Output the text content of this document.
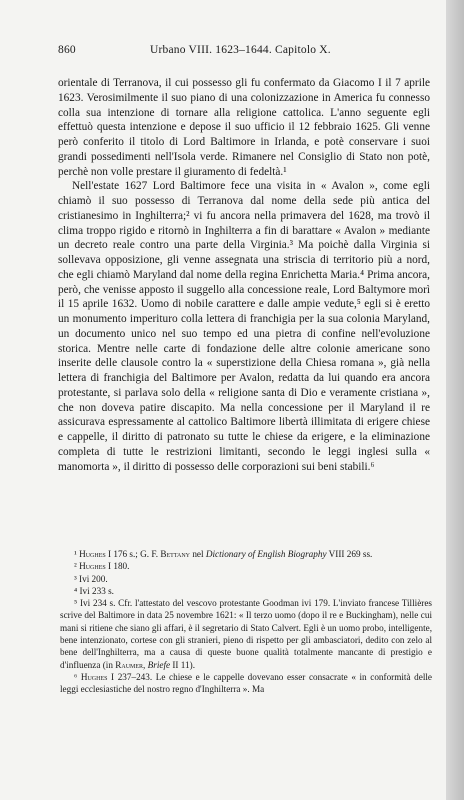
860	Urbano VIII. 1623–1644. Capitolo X.

orientale di Terranova, il cui possesso gli fu confermato da Giacomo I il 7 aprile 1623. Verosimilmente il suo piano di una colonizzazione in America fu connesso colla sua intenzione di tornare alla religione cattolica. L'anno seguente egli effettuò questa intenzione e depose il suo ufficio il 12 febbraio 1625. Gli venne però conferito il titolo di Lord Baltimore in Irlanda, e potè conservare i suoi grandi possedimenti nell'Isola verde. Rimanere nel Consiglio di Stato non potè, perchè non volle prestare il giuramento di fedeltà.¹

Nell'estate 1627 Lord Baltimore fece una visita in « Avalon », come egli chiamò il suo possesso di Terranova dal nome della sede più antica del cristianesimo in Inghilterra;² vi fu ancora nella primavera del 1628, ma trovò il clima troppo rigido e ritornò in Inghilterra a fin di barattare « Avalon » mediante un decreto reale contro una parte della Virginia.³ Ma poichè dalla Virginia si sollevava opposizione, gli venne assegnata una striscia di territorio più a nord, che egli chiamò Maryland dal nome della regina Enrichetta Maria.⁴ Prima ancora, però, che venisse apposto il suggello alla concessione reale, Lord Baltymore morì il 15 aprile 1632. Uomo di nobile carattere e dalle ampie vedute,⁵ egli si è eretto un monumento imperituro colla lettera di franchigia per la sua colonia Maryland, un documento unico nel suo tempo ed una pietra di confine nell'evoluzione storica. Mentre nelle carte di fondazione delle altre colonie americane sono inserite delle clausole contro la « superstizione della Chiesa romana », già nella lettera di franchigia del Baltimore per Avalon, redatta da lui quando era ancora protestante, si parlava solo della « religione santa di Dio e veramente cristiana », che non doveva patire discapito. Ma nella concessione per il Maryland il re assicurava espressamente al cattolico Baltimore libertà illimitata di erigere chiese e cappelle, il diritto di patronato su tutte le chiese da erigere, e la eliminazione completa di tutte le restrizioni limitanti, secondo le leggi inglesi sulla « manomorta », il diritto di possesso delle corporazioni sui beni stabili.⁶

¹ Hughes I 176 s.; G. F. Bettany nel Dictionary of English Biography VIII 269 ss.

² Hughes I 180.

³ Ivi 200.

⁴ Ivi 233 s.

⁵ Ivi 234 s. Cfr. l'attestato del vescovo protestante Goodman ivi 179. L'inviato francese Tillières scrive del Baltimore in data 25 novembre 1621: « Il terzo uomo (dopo il re e Buckingham), nelle cui mani si ritiene che siano gli affari, è il segretario di Stato Calvert. Egli è un uomo probo, intelligente, bene intenzionato, cortese con gli stranieri, pieno di rispetto per gli ambasciatori, dedito con zelo al bene dell'Inghilterra, ma a causa di queste buone qualità totalmente mancante di prestigio e d'influenza (in Raumer, Briefe II 11).

⁶ Hughes I 237–243. Le chiese e le cappelle dovevano esser consacrate « in conformità delle leggi ecclesiastiche del nostro regno d'Inghilterra ». Ma
